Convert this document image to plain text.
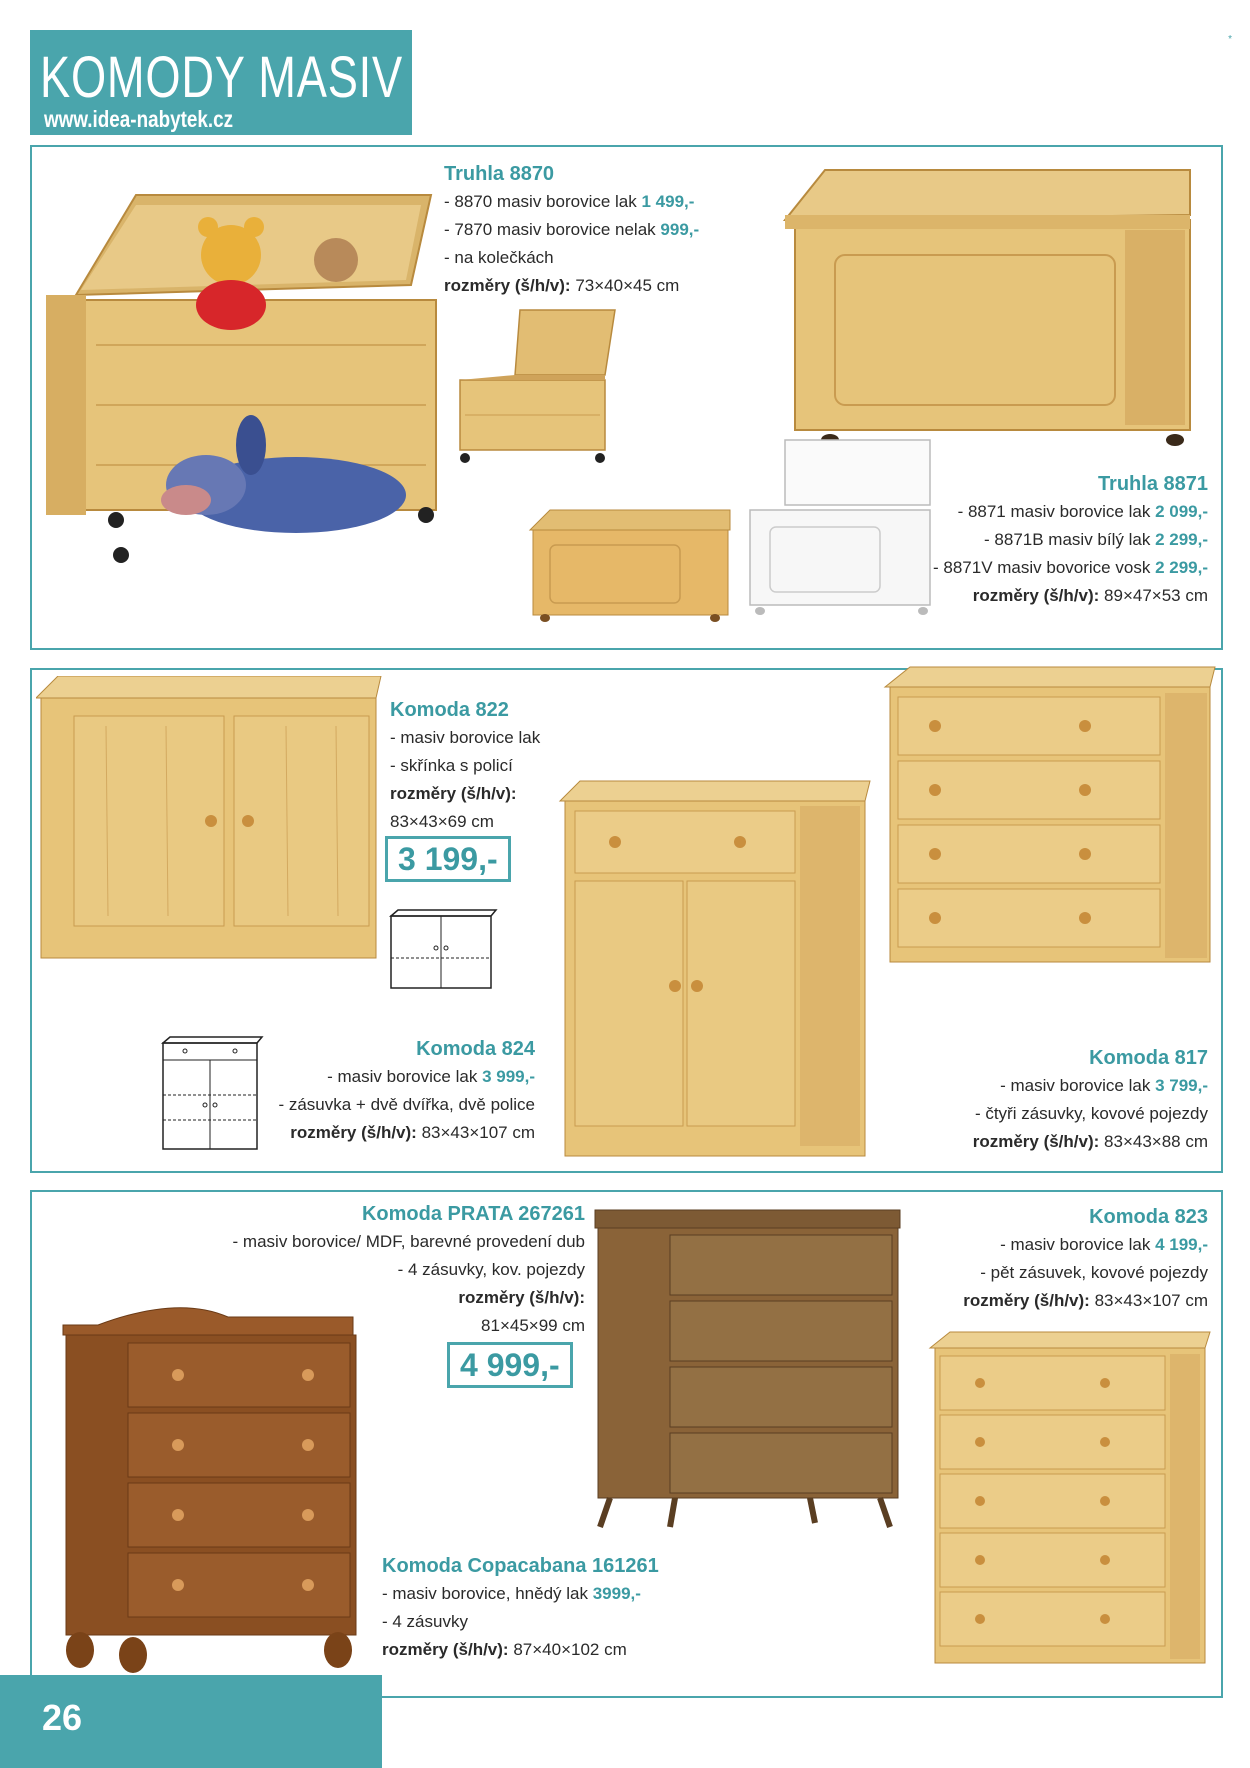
KOMODY MASIV
www.idea-nabytek.cz
*
Truhla 8870
- 8870 masiv borovice lak 1 499,-
- 7870 masiv borovice nelak 999,-
- na kolečkách
rozměry (š/h/v): 73×40×45 cm
Truhla 8871
- 8871 masiv borovice lak 2 099,-
- 8871B masiv bílý lak 2 299,-
- 8871V masiv bovorice vosk 2 299,-
rozměry (š/h/v): 89×47×53 cm
Komoda 822
- masiv borovice lak
- skřínka s policí
rozměry (š/h/v):
83×43×69 cm
3 199,-
Komoda 824
- masiv borovice lak 3 999,-
- zásuvka + dvě dvířka, dvě police
rozměry (š/h/v): 83×43×107 cm
Komoda 817
- masiv borovice lak 3 799,-
- čtyři zásuvky, kovové pojezdy
rozměry (š/h/v): 83×43×88 cm
Komoda PRATA 267261
- masiv borovice/ MDF, barevné provedení dub
- 4 zásuvky, kov. pojezdy
rozměry (š/h/v):
81×45×99 cm
4 999,-
Komoda 823
- masiv borovice lak 4 199,-
- pět zásuvek, kovové pojezdy
rozměry (š/h/v): 83×43×107 cm
Komoda Copacabana 161261
- masiv borovice, hnědý lak 3999,-
- 4 zásuvky
rozměry (š/h/v): 87×40×102 cm
26
